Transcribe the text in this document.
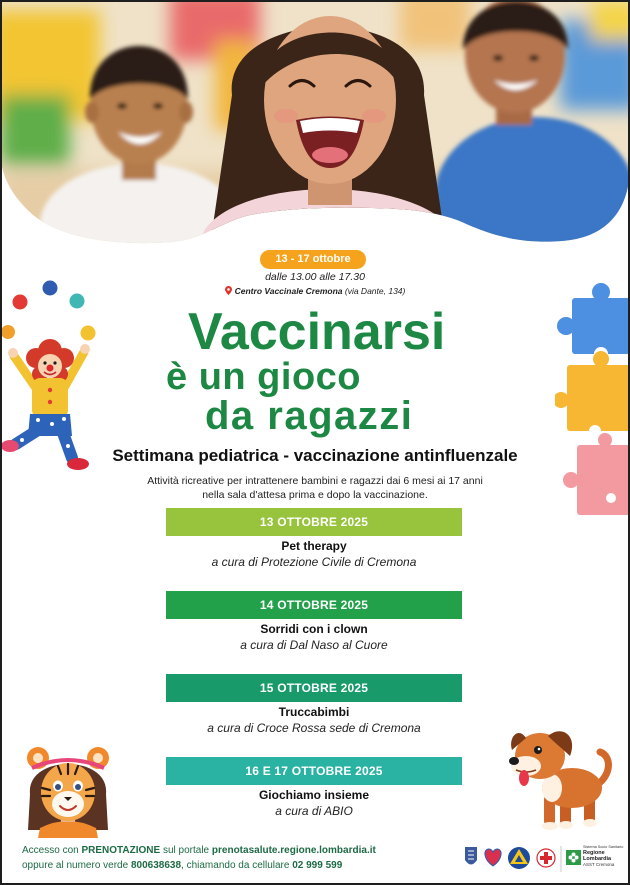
13 - 17 ottobre
dalle 13.00 alle 17.30
Centro Vaccinale Cremona (via Dante, 134)
Vaccinarsi
è un gioco
da ragazzi
Settimana pediatrica - vaccinazione antinfluenzale
Attività ricreative per intrattenere bambini e ragazzi dai 6 mesi ai 17 anni
nella sala d'attesa prima e dopo la vaccinazione.
13 OTTOBRE 2025
Pet therapy
a cura di Protezione Civile di Cremona
14 OTTOBRE 2025
Sorridi con i clown
a cura di Dal Naso al Cuore
15 OTTOBRE 2025
Truccabimbi
a cura di Croce Rossa sede di Cremona
16 E 17 OTTOBRE 2025
Giochiamo insieme
a cura di ABIO
Accesso con PRENOTAZIONE sul portale prenotasalute.regione.lombardia.it
oppure al numero verde 800638638, chiamando da cellulare 02 999 599
Sistema Socio Sanitario
Regione Lombardia
ASST Cremona
